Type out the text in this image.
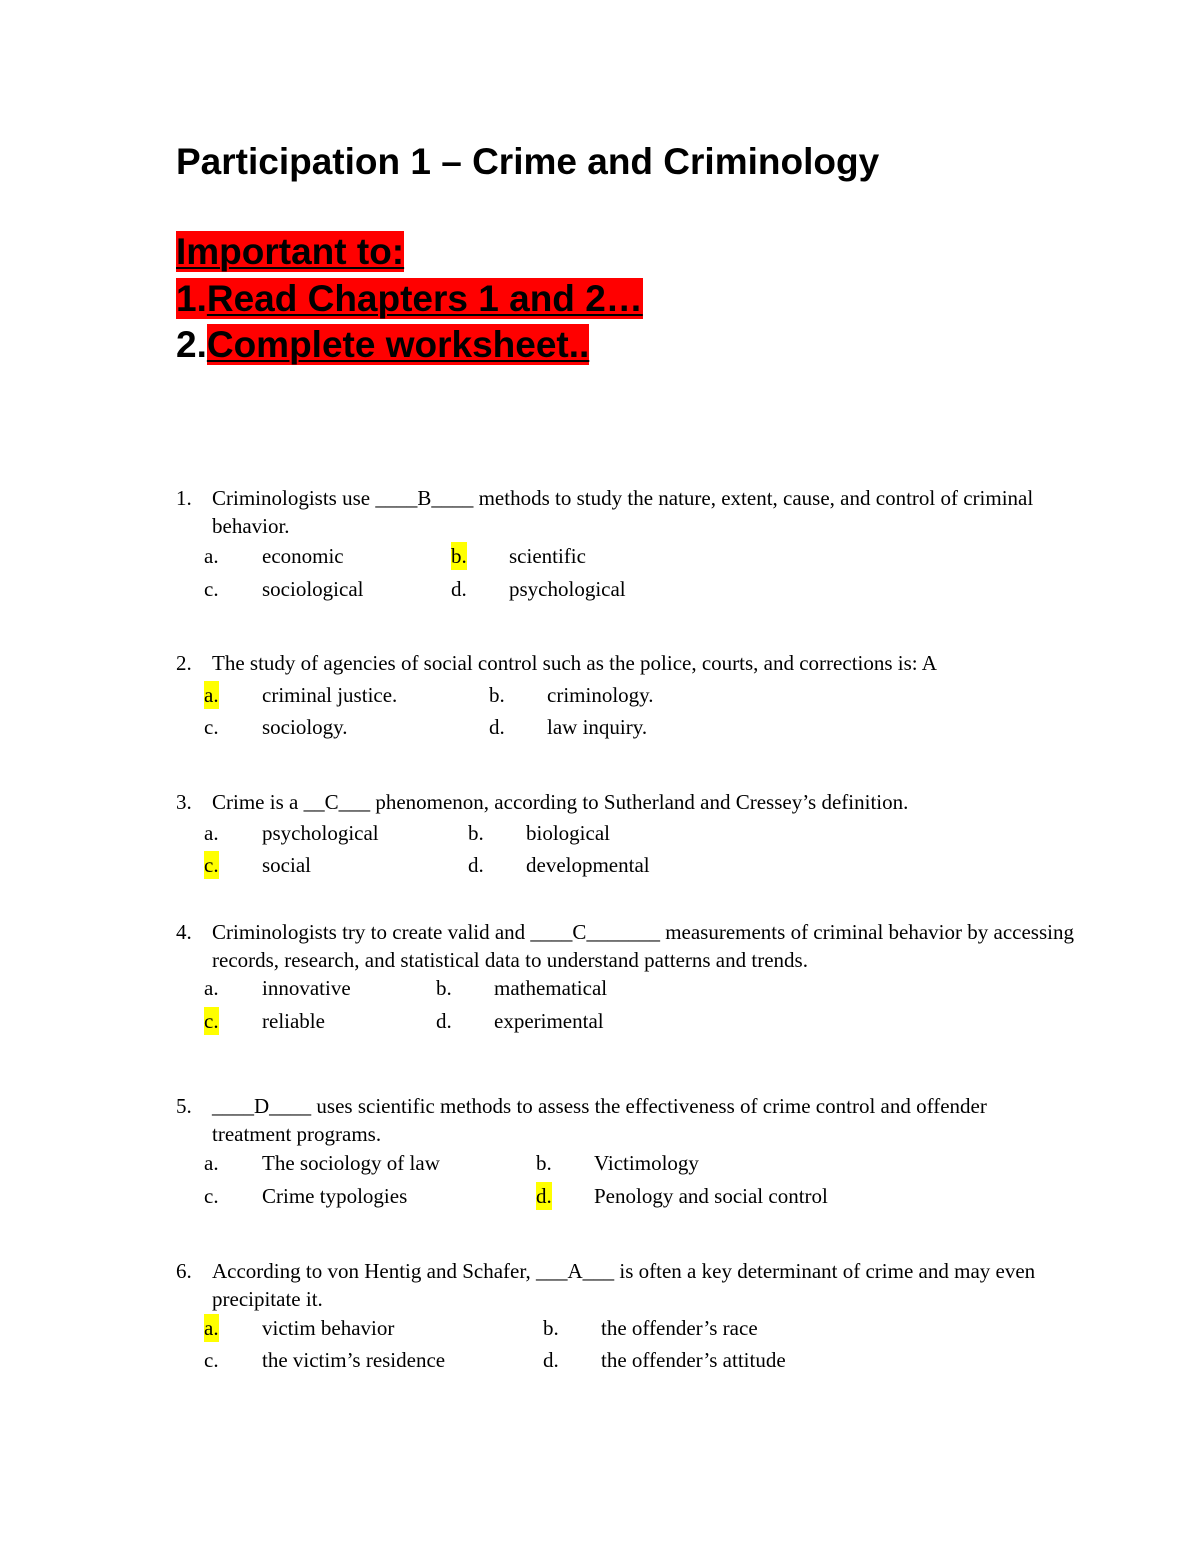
Participation 1 – Crime and Criminology
Important to:
1.Read Chapters 1 and 2…
2.Complete worksheet..
1. Criminologists use ____B____ methods to study the nature, extent, cause, and control of criminal behavior.
a. economic	b. scientific
c. sociological	d. psychological
2. The study of agencies of social control such as the police, courts, and corrections is: A
a. criminal justice.	b. criminology.
c. sociology.	d. law inquiry.
3. Crime is a __C___ phenomenon, according to Sutherland and Cressey’s definition.
a. psychological	b. biological
c. social	d. developmental
4. Criminologists try to create valid and ____C_______ measurements of criminal behavior by accessing records, research, and statistical data to understand patterns and trends.
a. innovative	b. mathematical
c. reliable	d. experimental
5. ____D____ uses scientific methods to assess the effectiveness of crime control and offender treatment programs.
a. The sociology of law	b. Victimology
c. Crime typologies	d. Penology and social control
6. According to von Hentig and Schafer, ___A___ is often a key determinant of crime and may even precipitate it.
a. victim behavior	b. the offender’s race
c. the victim’s residence	d. the offender’s attitude
